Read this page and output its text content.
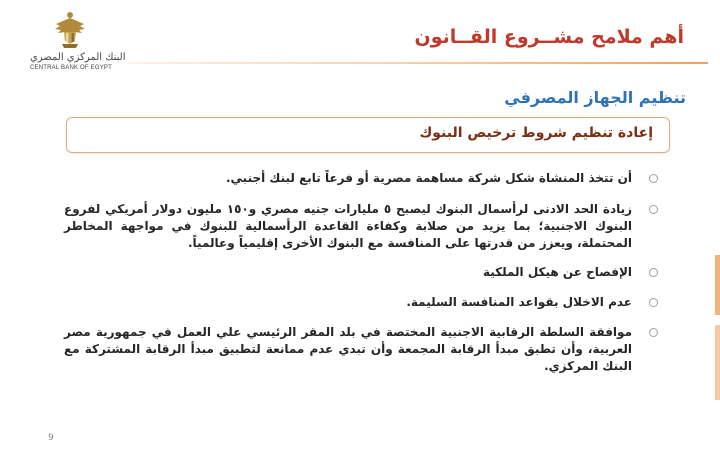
البنك المركزي المصري
CENTRAL BANK OF EGYPT
أهم ملامح مشــروع القــانون
تنظيم الجهاز المصرفي
إعادة تنظيم شروط ترخيص البنوك
أن تتخذ المنشاة شكل شركة مساهمة مصرية أو فرعاً تابع لبنك أجنبي.
زيادة الحد الادنى لرأسمال البنوك ليصبح ٥ مليارات جنيه مصري و١٥٠ مليون دولار أمريكي لفروع البنوك الاجنبية؛ بما يزيد من صلابة وكفاءة القاعدة الرأسمالية للبنوك في مواجهة المخاطر المحتملة، ويعزز من قدرتها على المنافسة مع البنوك الأخرى إقليمياً وعالمياً.
الإفصاح عن هيكل الملكية
عدم الاخلال بقواعد المنافسة السليمة.
موافقة السلطة الرقابية الاجنبية المختصة في بلد المقر الرئيسي علي العمل في جمهورية مصر العربية، وأن تطبق مبدأ الرقابة المجمعة وأن تبدي عدم ممانعة لتطبيق مبدأ الرقابة المشتركة مع البنك المركزي.
9
